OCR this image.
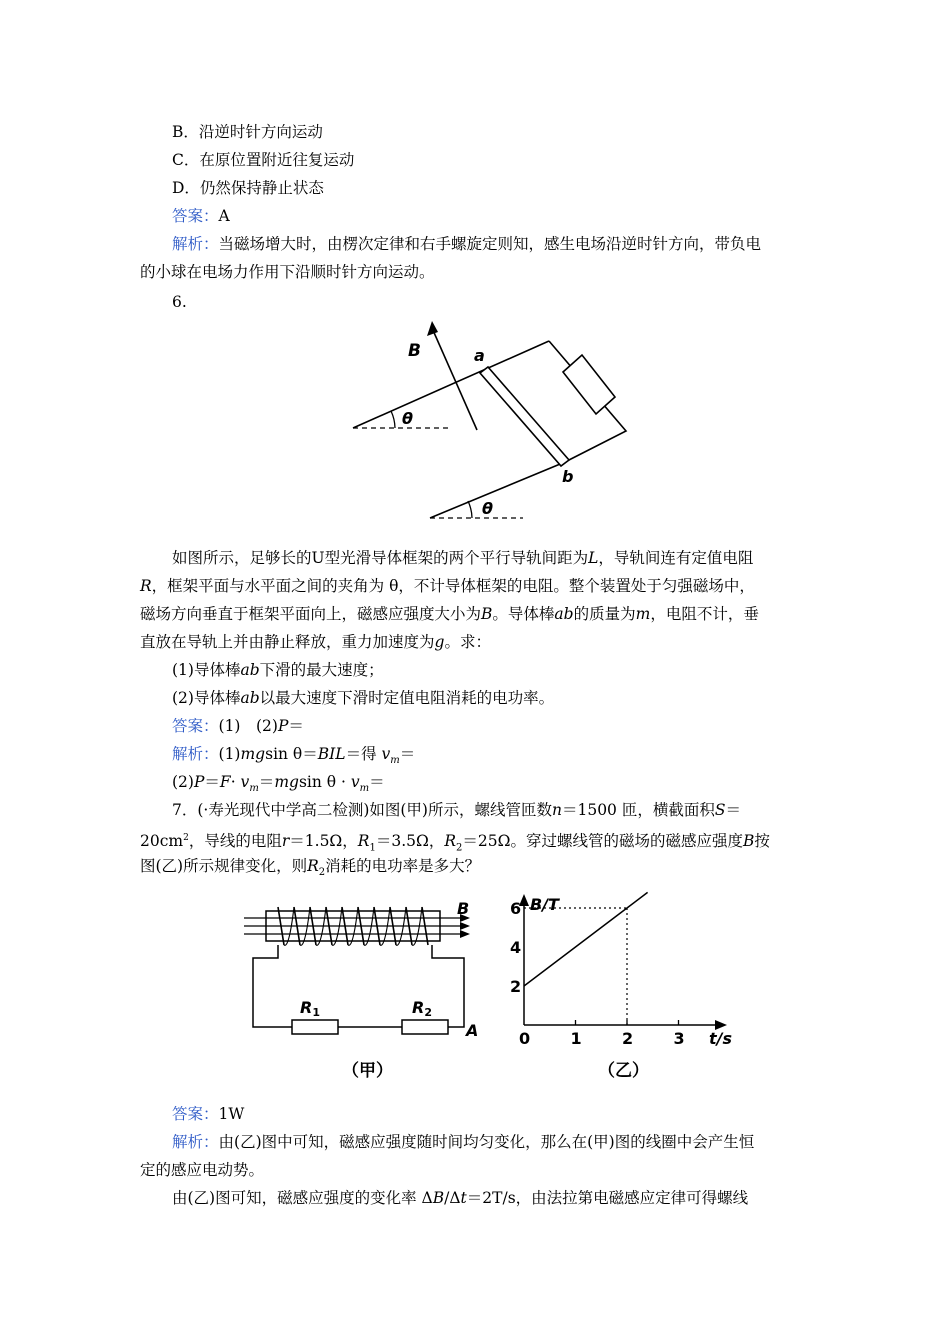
B．沿逆时针方向运动
C．在原位置附近往复运动
D．仍然保持静止状态
答案：A
解析：当磁场增大时，由楞次定律和右手螺旋定则知，感生电场沿逆时针方向，带负电
的小球在电场力作用下沿顺时针方向运动。
6.
B	a
b
θ
θ
如图所示，足够长的U型光滑导体框架的两个平行导轨间距为L，导轨间连有定值电阻
R，框架平面与水平面之间的夹角为 θ，不计导体框架的电阻。整个装置处于匀强磁场中，
磁场方向垂直于框架平面向上，磁感应强度大小为B。导体棒ab的质量为m，电阻不计，垂
直放在导轨上并由静止释放，重力加速度为g。求：
(1)导体棒ab下滑的最大速度；
(2)导体棒ab以最大速度下滑时定值电阻消耗的电功率。
答案：(1)　(2)P＝
解析：(1)mgsin θ＝BIL＝得 $v_m=$
$(2)P=F\cdot v_m=mgsin$ $\theta \cdot v_m=$
7．(·寿光现代中学高二检测)如图(甲)所示，螺线管匝数n＝1500 匝，横截面积S＝
$20cm^2$，导线的电阻r＝1.5Ω，$R_1=3.5\Omega$，$R_2=25\Omega$。穿过螺线管的磁场的磁感应强度B按
图(乙)所示规律变化，则$R_2$消耗的电功率是多大？
B
R1	R2
A
（甲）
B/T
t/s
0	1	2	3
2
4
6
（乙）
答案：1W
解析：由(乙)图中可知，磁感应强度随时间均匀变化，那么在(甲)图的线圈中会产生恒
定的感应电动势。
由(乙)图可知，磁感应强度的变化率 ΔB/Δt＝2T/s，由法拉第电磁感应定律可得螺线
